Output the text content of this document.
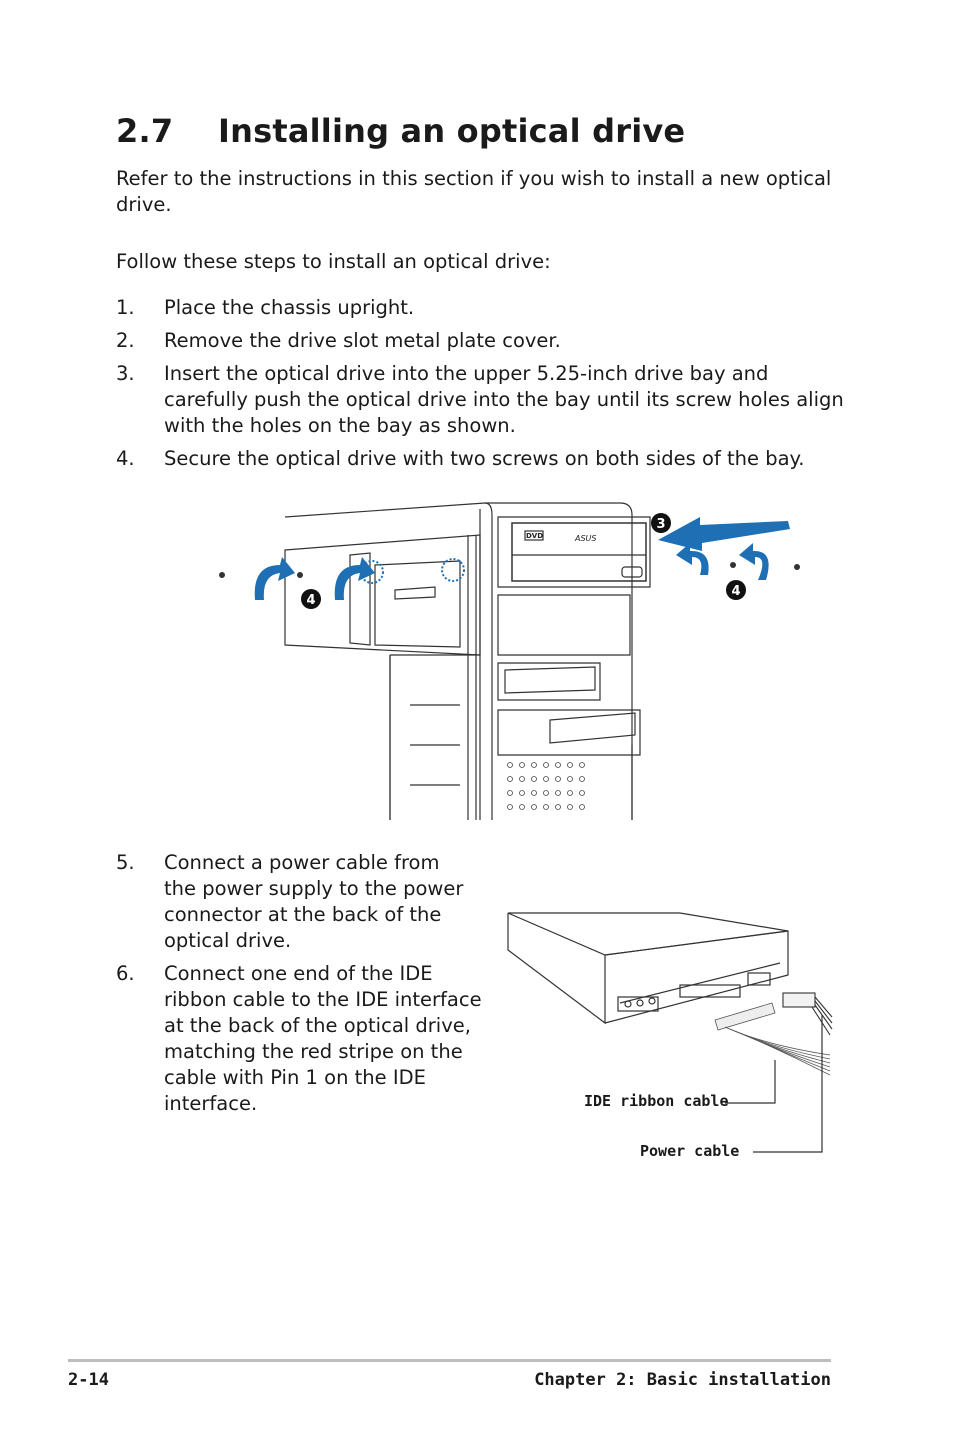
2.7 Installing an optical drive
Refer to the instructions in this section if you wish to install a new optical
drive.
Follow these steps to install an optical drive:
1. Place the chassis upright.
2. Remove the drive slot metal plate cover.
3. Insert the optical drive into the upper 5.25-inch drive bay and
carefully push the optical drive into the bay until its screw holes align
with the holes on the bay as shown.
4. Secure the optical drive with two screws on both sides of the bay.
3
4
4
DVD	ASUS
5. Connect a power cable from
the power supply to the power
connector at the back of the
optical drive.
6. Connect one end of the IDE
ribbon cable to the IDE interface
at the back of the optical drive,
matching the red stripe on the
cable with Pin 1 on the IDE
interface.	IDE ribbon cable
Power cable
2-14	Chapter 2: Basic installation
